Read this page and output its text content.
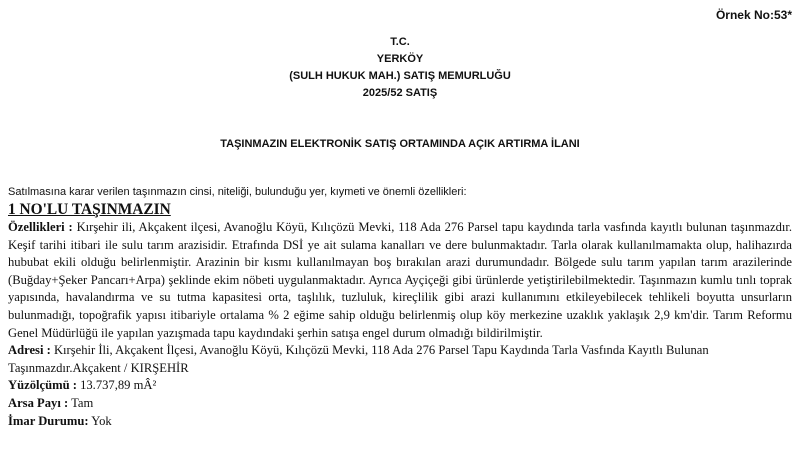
Örnek No:53*
T.C.
YERKÖY
(SULH HUKUK MAH.) SATIŞ MEMURLUĞU
2025/52 SATIŞ
TAŞINMAZIN ELEKTRONİK SATIŞ ORTAMINDA AÇIK ARTIRMA İLANI
Satılmasına karar verilen taşınmazın cinsi, niteliği, bulunduğu yer, kıymeti ve önemli özellikleri:
1 NO'LU TAŞINMAZIN

Özellikleri : Kırşehir ili, Akçakent ilçesi, Avanoğlu Köyü, Kılıçözü Mevki, 118 Ada 276 Parsel tapu kaydında tarla vasfında kayıtlı bulunan taşınmazdır. Keşif tarihi itibari ile sulu tarım arazisidir. Etrafında DSİ ye ait sulama kanalları ve dere bulunmaktadır. Tarla olarak kullanılmamakta olup, halihazırda hububat ekili olduğu belirlenmiştir. Arazinin bir kısmı kullanılmayan boş bırakılan arazi durumundadır. Bölgede sulu tarım yapılan tarım arazilerinde (Buğday+Şeker Pancarı+Arpa) şeklinde ekim nöbeti uygulanmaktadır. Ayrıca Ayçiçeği gibi ürünlerde yetiştirilebilmektedir. Taşınmazın kumlu tınlı toprak yapısında, havalandırma ve su tutma kapasitesi orta, taşlılık, tuzluluk, kireçlilik gibi arazi kullanımını etkileyebilecek tehlikeli boyutta unsurların bulunmadığı, topoğrafik yapısı itibariyle ortalama % 2 eğime sahip olduğu belirlenmiş olup köy merkezine uzaklık yaklaşık 2,9 km'dir. Tarım Reformu Genel Müdürlüğü ile yapılan yazışmada tapu kaydındaki şerhin satışa engel durum olmadığı bildirilmiştir.

Adresi : Kırşehir İli, Akçakent İlçesi, Avanoğlu Köyü, Kılıçözü Mevki, 118 Ada 276 Parsel Tapu Kaydında Tarla Vasfında Kayıtlı Bulunan Taşınmazdır.Akçakent / KIRŞEHİR

Yüzölçümü : 13.737,89 mÂ²

Arsa Payı : Tam

İmar Durumu: Yok
